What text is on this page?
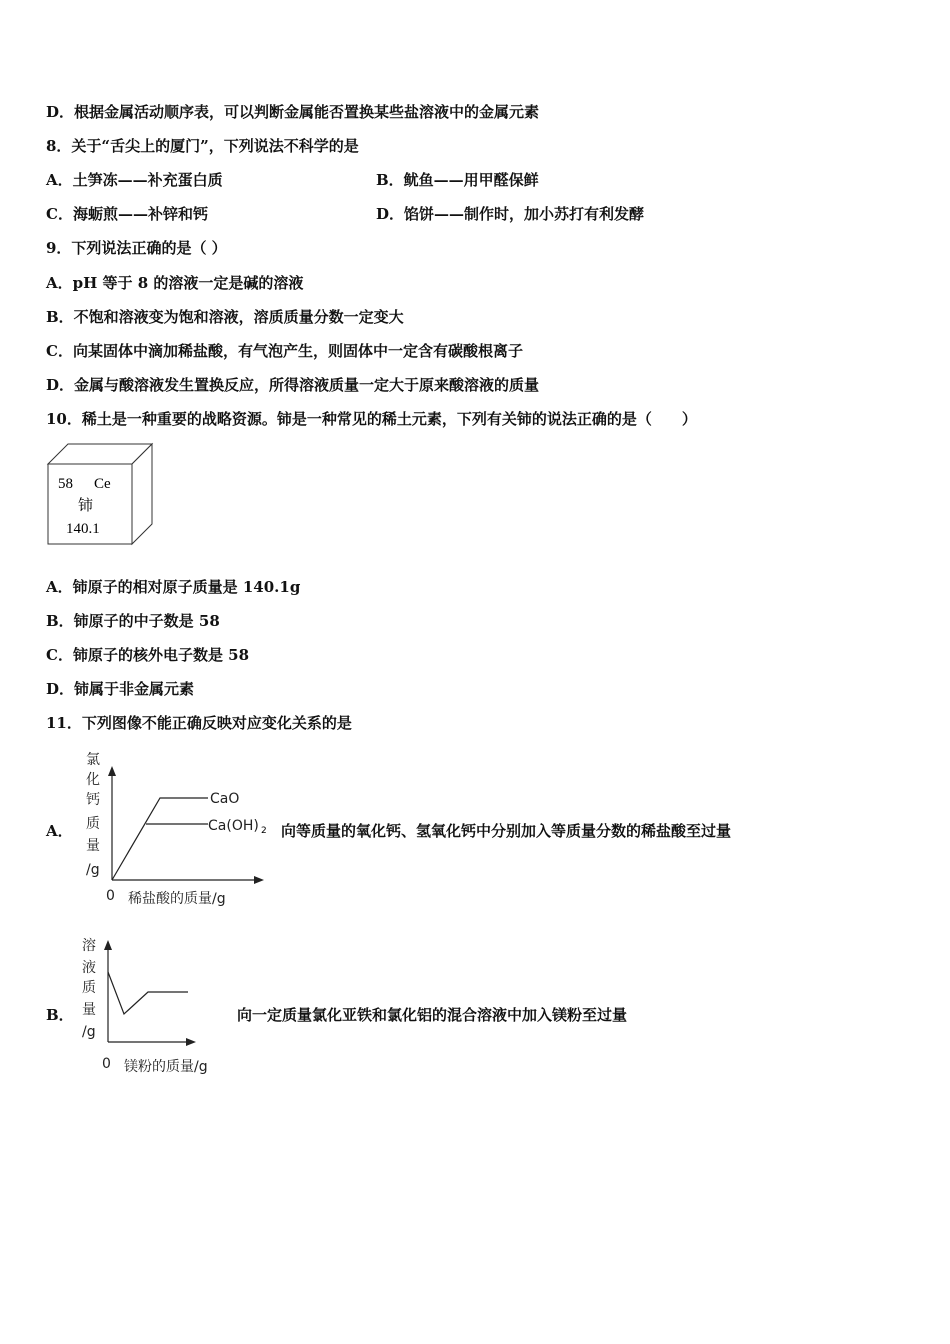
D．根据金属活动顺序表，可以判断金属能否置换某些盐溶液中的金属元素
8．关于“舌尖上的厦门”，下列说法不科学的是
A．土笋冻——补充蛋白质	B．鱿鱼——用甲醛保鲜
C．海蛎煎——补锌和钙	D．馅饼——制作时，加小苏打有利发酵
9．下列说法正确的是（ ）
A．pH 等于 8 的溶液一定是碱的溶液
B．不饱和溶液变为饱和溶液，溶质质量分数一定变大
C．向某固体中滴加稀盐酸，有气泡产生，则固体中一定含有碳酸根离子
D．金属与酸溶液发生置换反应，所得溶液质量一定大于原来酸溶液的质量
10．稀土是一种重要的战略资源。铈是一种常见的稀土元素，下列有关铈的说法正确的是（　　）
58 Ce
铈
140.1
A．铈原子的相对原子质量是 140.1g
B．铈原子的中子数是 58
C．铈原子的核外电子数是 58
D．铈属于非金属元素
11．下列图像不能正确反映对应变化关系的是
A．
氯
化
钙
质
量
/g
CaO
Ca(OH) 2
0 稀盐酸的质量/g
向等质量的氧化钙、氢氧化钙中分别加入等质量分数的稀盐酸至过量
B．
溶
液
质
量
/g
0 镁粉的质量/g
向一定质量氯化亚铁和氯化铝的混合溶液中加入镁粉至过量
